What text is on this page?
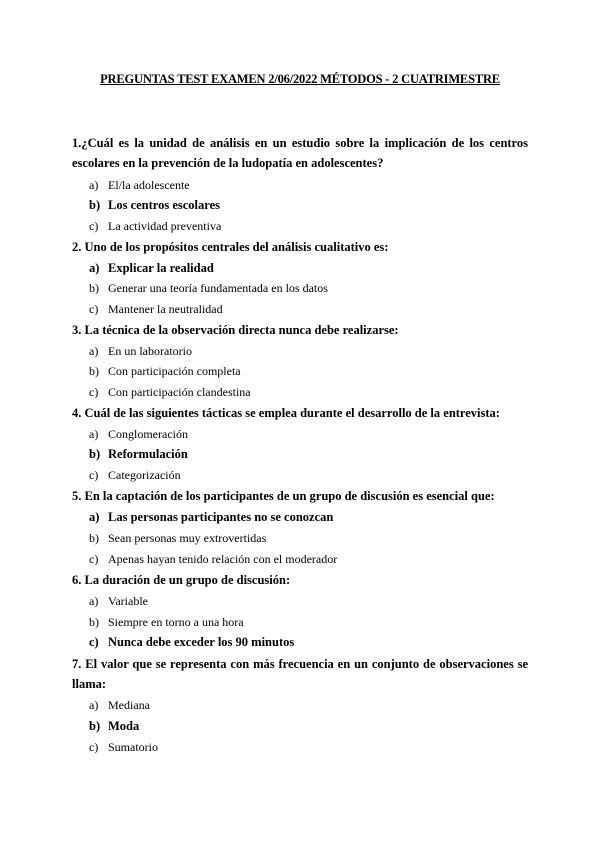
PREGUNTAS TEST EXAMEN 2/06/2022 MÉTODOS - 2 CUATRIMESTRE
1.¿Cuál es la unidad de análisis en un estudio sobre la implicación de los centros escolares en la prevención de la ludopatía en adolescentes?
a) El/la adolescente
b) Los centros escolares
c) La actividad preventiva
2. Uno de los propósitos centrales del análisis cualitativo es:
a) Explicar la realidad
b) Generar una teoría fundamentada en los datos
c) Mantener la neutralidad
3. La técnica de la observación directa nunca debe realizarse:
a) En un laboratorio
b) Con participación completa
c) Con participación clandestina
4. Cuál de las siguientes tácticas se emplea durante el desarrollo de la entrevista:
a) Conglomeración
b) Reformulación
c) Categorización
5. En la captación de los participantes de un grupo de discusión es esencial que:
a) Las personas participantes no se conozcan
b) Sean personas muy extrovertidas
c) Apenas hayan tenido relación con el moderador
6. La duración de un grupo de discusión:
a) Variable
b) Siempre en torno a una hora
c) Nunca debe exceder los 90 minutos
7. El valor que se representa con más frecuencia en un conjunto de observaciones se llama:
a) Mediana
b) Moda
c) Sumatorio
